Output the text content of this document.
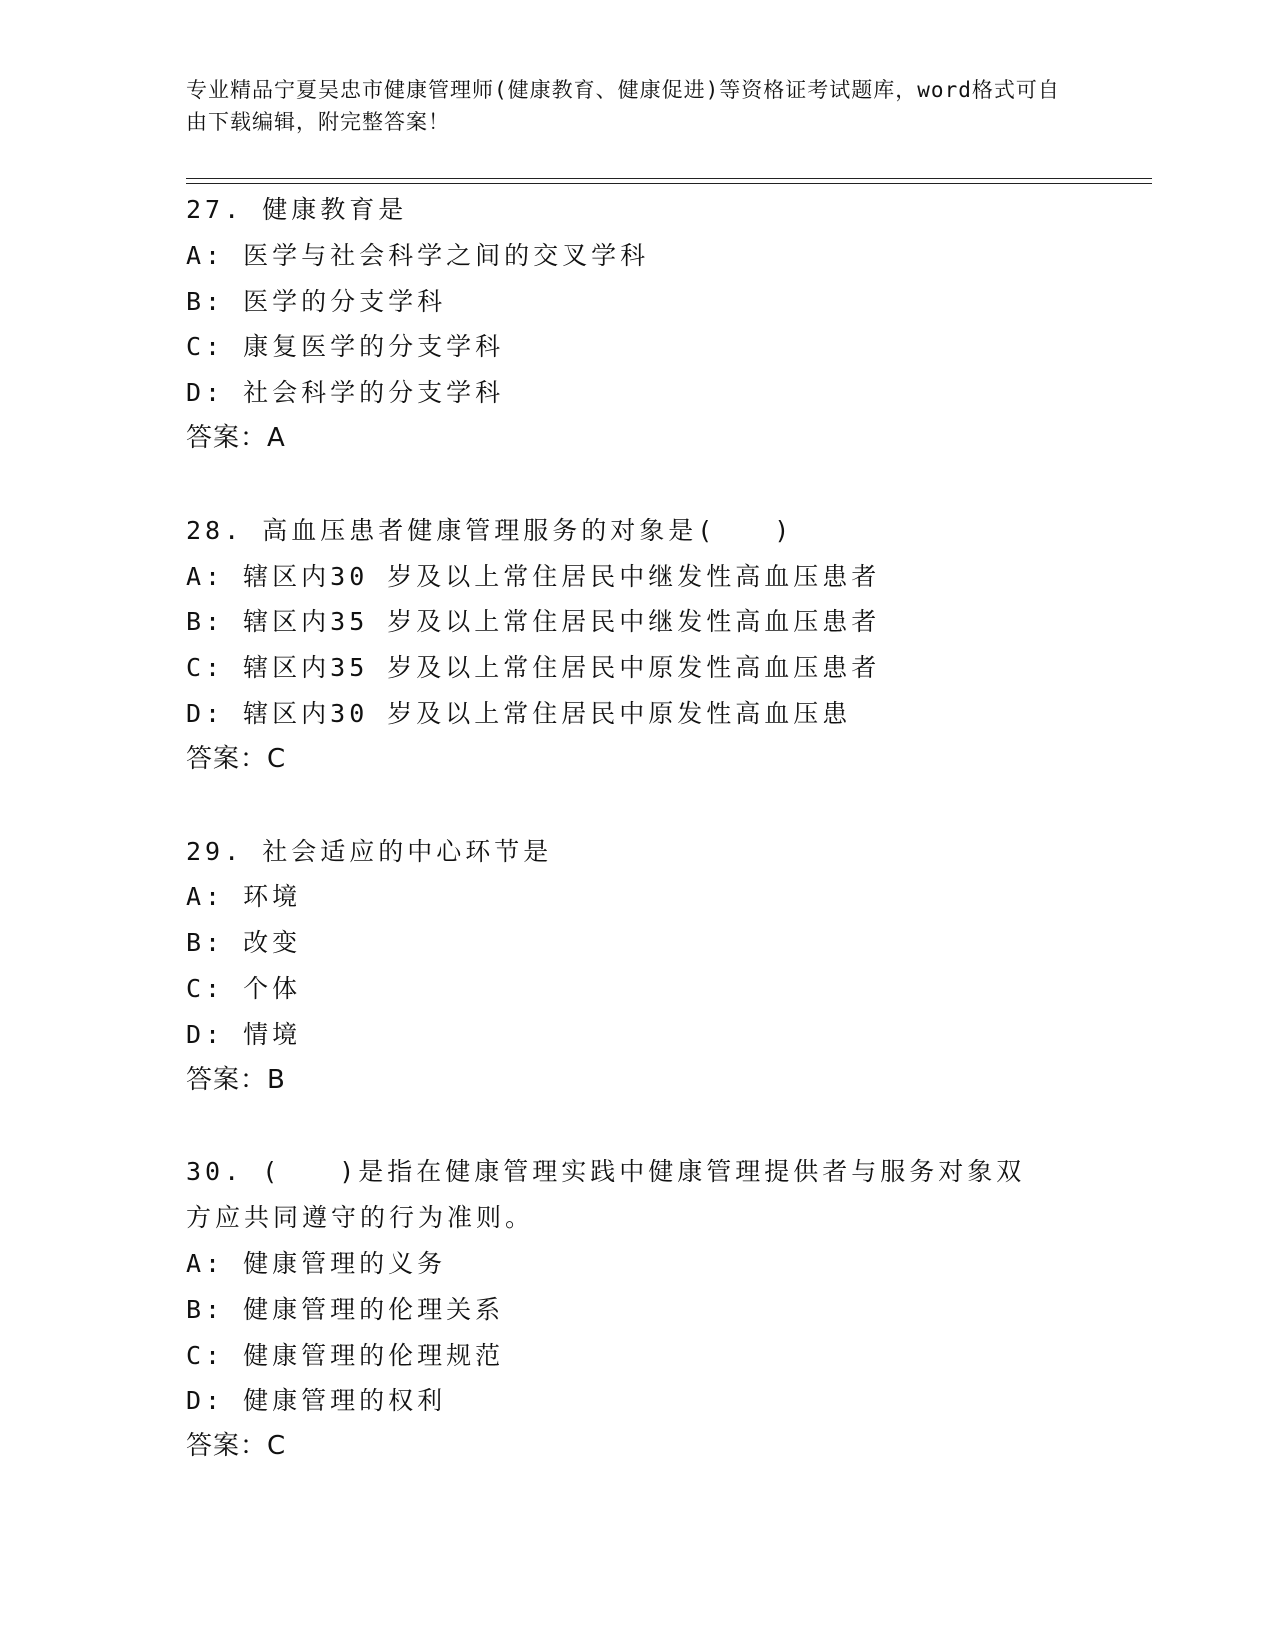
专业精品宁夏吴忠市健康管理师(健康教育、健康促进)等资格证考试题库，word格式可自由下载编辑，附完整答案！
27. 健康教育是
A: 医学与社会科学之间的交叉学科
B: 医学的分支学科
C: 康复医学的分支学科
D: 社会科学的分支学科
答案：A
28. 高血压患者健康管理服务的对象是(　　)
A: 辖区内30 岁及以上常住居民中继发性高血压患者
B: 辖区内35 岁及以上常住居民中继发性高血压患者
C: 辖区内35 岁及以上常住居民中原发性高血压患者
D: 辖区内30 岁及以上常住居民中原发性高血压患
答案：C
29. 社会适应的中心环节是
A: 环境
B: 改变
C: 个体
D: 情境
答案：B
30. (　　)是指在健康管理实践中健康管理提供者与服务对象双方应共同遵守的行为准则。
A: 健康管理的义务
B: 健康管理的伦理关系
C: 健康管理的伦理规范
D: 健康管理的权利
答案：C
